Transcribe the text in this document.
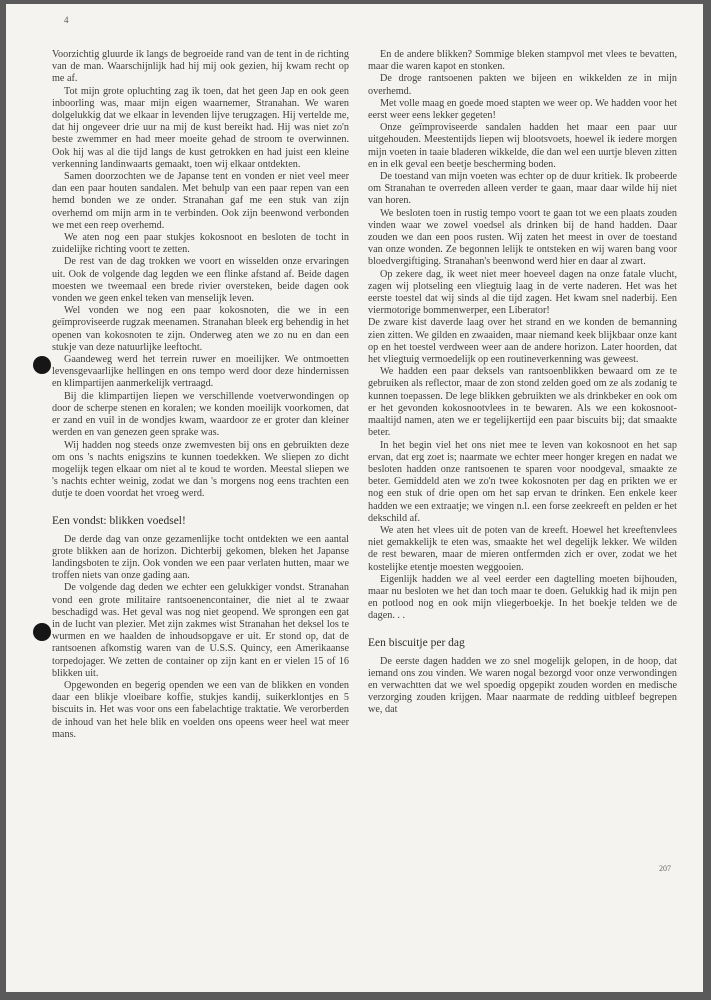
4

Voorzichtig gluurde ik langs de begroeide rand van de tent in de richting van de man. Waarschijnlijk had hij mij ook gezien, hij kwam recht op me af.

Tot mijn grote opluchting zag ik toen, dat het geen Jap en ook geen inboorling was, maar mijn eigen waarnemer, Stranahan. We waren dolgelukkig dat we elkaar in levenden lijve terugzagen. Hij vertelde me, dat hij ongeveer drie uur na mij de kust bereikt had. Hij was niet zo'n beste zwemmer en had meer moeite gehad de stroom te overwinnen. Ook hij was al die tijd langs de kust getrokken en had juist een kleine verkenning landinwaarts gemaakt, toen wij elkaar ontdekten.

Samen doorzochten we de Japanse tent en vonden er niet veel meer dan een paar houten sandalen. Met behulp van een paar repen van een hemd bonden we ze onder. Stranahan gaf me een stuk van zijn overhemd om mijn arm in te verbinden. Ook zijn beenwond verbonden we met een reep overhemd.

We aten nog een paar stukjes kokosnoot en besloten de tocht in zuidelijke richting voort te zetten.

De rest van de dag trokken we voort en wisselden onze ervaringen uit. Ook de volgende dag legden we een flinke afstand af. Beide dagen moesten we tweemaal een brede rivier oversteken, beide dagen ook vonden we geen enkel teken van menselijk leven.

Wel vonden we nog een paar kokosnoten, die we in een geïmproviseerde rugzak meenamen. Stranahan bleek erg behendig in het openen van kokosnoten te zijn. Onderweg aten we zo nu en dan een stukje van deze natuurlijke leeftocht.

Gaandeweg werd het terrein ruwer en moeilijker. We ontmoetten levensgevaarlijke hellingen en ons tempo werd door deze hindernissen en klimpartijen aanmerkelijk vertraagd.

Bij die klimpartijen liepen we verschillende voetverwondingen op door de scherpe stenen en koralen; we konden moeilijk voorkomen, dat er zand en vuil in de wondjes kwam, waardoor ze er groter dan kleiner werden en van genezen geen sprake was.

Wij hadden nog steeds onze zwemvesten bij ons en gebruikten deze om ons 's nachts enigszins te kunnen toedekken. We sliepen zo dicht mogelijk tegen elkaar om niet al te koud te worden. Meestal sliepen we 's nachts echter weinig, zodat we dan 's morgens nog eens trachten een dutje te doen voordat het vroeg werd.

Een vondst: blikken voedsel!

De derde dag van onze gezamenlijke tocht ontdekten we een aantal grote blikken aan de horizon. Dichterbij gekomen, bleken het Japanse landingsboten te zijn. Ook vonden we een paar verlaten hutten, maar we troffen niets van onze gading aan.

De volgende dag deden we echter een gelukkiger vondst. Stranahan vond een grote militaire rantsoenencontainer, die niet al te zwaar beschadigd was. Het geval was nog niet geopend. We sprongen een gat in de lucht van plezier. Met zijn zakmes wist Stranahan het deksel los te wurmen en we haalden de inhoudsopgave er uit. Er stond op, dat de rantsoenen afkomstig waren van de U.S.S. Quincy, een Amerikaanse torpedojager. We zetten de container op zijn kant en er vielen 15 of 16 blikken uit.

Opgewonden en begerig openden we een van de blikken en vonden daar een blikje vloeibare koffie, stukjes kandij, suikerklontjes en 5 biscuits in. Het was voor ons een fabelachtige traktatie. We verorberden de inhoud van het hele blik en voelden ons opeens weer heel wat meer mans.

En de andere blikken? Sommige bleken stampvol met vlees te bevatten, maar die waren kapot en stonken.

De droge rantsoenen pakten we bijeen en wikkelden ze in mijn overhemd.

Met volle maag en goede moed stapten we weer op. We hadden voor het eerst weer eens lekker gegeten!

Onze geïmproviseerde sandalen hadden het maar een paar uur uitgehouden. Meestentijds liepen wij blootsvoets, hoewel ik iedere morgen mijn voeten in taaie bladeren wikkelde, die dan wel een uurtje bleven zitten en in elk geval een beetje bescherming boden.

De toestand van mijn voeten was echter op de duur kritiek. Ik probeerde om Stranahan te overreden alleen verder te gaan, maar daar wilde hij niet van horen.

We besloten toen in rustig tempo voort te gaan tot we een plaats zouden vinden waar we zowel voedsel als drinken bij de hand hadden. Daar zouden we dan een poos rusten. Wij zaten het meest in over de toestand van onze wonden. Ze begonnen lelijk te ontsteken en wij waren bang voor bloedvergiftiging. Stranahan's beenwond werd hier en daar al zwart.

Op zekere dag, ik weet niet meer hoeveel dagen na onze fatale vlucht, zagen wij plotseling een vliegtuig laag in de verte naderen. Het was het eerste toestel dat wij sinds al die tijd zagen. Het kwam snel naderbij. Een viermotorige bommenwerper, een Liberator!

De zware kist daverde laag over het strand en we konden de bemanning zien zitten. We gilden en zwaaiden, maar niemand keek blijkbaar onze kant op en het toestel verdween weer aan de andere horizon. Later hoorden, dat het vliegtuig vermoedelijk op een routineverkenning was geweest.

We hadden een paar deksels van rantsoenblikken bewaard om ze te gebruiken als reflector, maar de zon stond zelden goed om ze als zodanig te kunnen toepassen. De lege blikken gebruikten we als drinkbeker en ook om er het gevonden kokosnootvlees in te bewaren. Als we een kokosnoot-maaltijd namen, aten we er tegelijkertijd een paar biscuits bij; dat smaakte beter.

In het begin viel het ons niet mee te leven van kokosnoot en het sap ervan, dat erg zoet is; naarmate we echter meer honger kregen en nadat we besloten hadden onze rantsoenen te sparen voor noodgeval, smaakte ze beter. Gemiddeld aten we zo'n twee kokosnoten per dag en prikten we er nog een stuk of drie open om het sap ervan te drinken. Een enkele keer hadden we een extraatje; we vingen n.l. een forse zeekreeft en pelden er het dekschild af.

We aten het vlees uit de poten van de kreeft. Hoewel het kreeftenvlees niet gemakkelijk te eten was, smaakte het wel degelijk lekker. We wilden de rest bewaren, maar de mieren ontfermden zich er over, zodat we het kostelijke etentje moesten weggooien.

Eigenlijk hadden we al veel eerder een dagtelling moeten bijhouden, maar nu besloten we het dan toch maar te doen. Gelukkig had ik mijn pen en potlood nog en ook mijn vliegerboekje. In het boekje telden we de dagen. . .

Een biscuitje per dag

De eerste dagen hadden we zo snel mogelijk gelopen, in de hoop, dat iemand ons zou vinden. We waren nogal bezorgd voor onze verwondingen en verwachtten dat we wel spoedig opgepikt zouden worden en medische verzorging zouden krijgen. Maar naarmate de redding uitbleef begrepen we, dat

207
